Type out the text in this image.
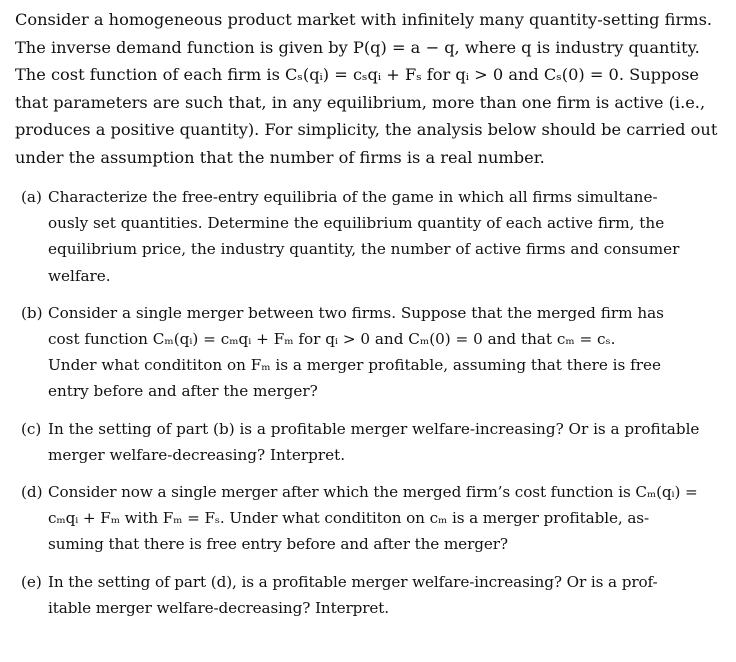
Consider a homogeneous product market with infinitely many quantity-setting firms.
The inverse demand function is given by P(q) = a − q, where q is industry quantity.
The cost function of each firm is Cₛ(qᵢ) = cₛqᵢ + Fₛ for qᵢ > 0 and Cₛ(0) = 0. Suppose
that parameters are such that, in any equilibrium, more than one firm is active (i.e.,
produces a positive quantity). For simplicity, the analysis below should be carried out
under the assumption that the number of firms is a real number.

(a) Characterize the free-entry equilibria of the game in which all firms simultane-
ously set quantities. Determine the equilibrium quantity of each active firm, the
equilibrium price, the industry quantity, the number of active firms and consumer
welfare.
(b) Consider a single merger between two firms. Suppose that the merged firm has
cost function Cₘ(qᵢ) = cₘqᵢ + Fₘ for qᵢ > 0 and Cₘ(0) = 0 and that cₘ = cₛ.
Under what condititon on Fₘ is a merger profitable, assuming that there is free
entry before and after the merger?
(c) In the setting of part (b) is a profitable merger welfare-increasing? Or is a profitable
merger welfare-decreasing? Interpret.
(d) Consider now a single merger after which the merged firm’s cost function is Cₘ(qᵢ) =
cₘqᵢ + Fₘ with Fₘ = Fₛ. Under what condititon on cₘ is a merger profitable, as-
suming that there is free entry before and after the merger?
(e) In the setting of part (d), is a profitable merger welfare-increasing? Or is a prof-
itable merger welfare-decreasing? Interpret.
